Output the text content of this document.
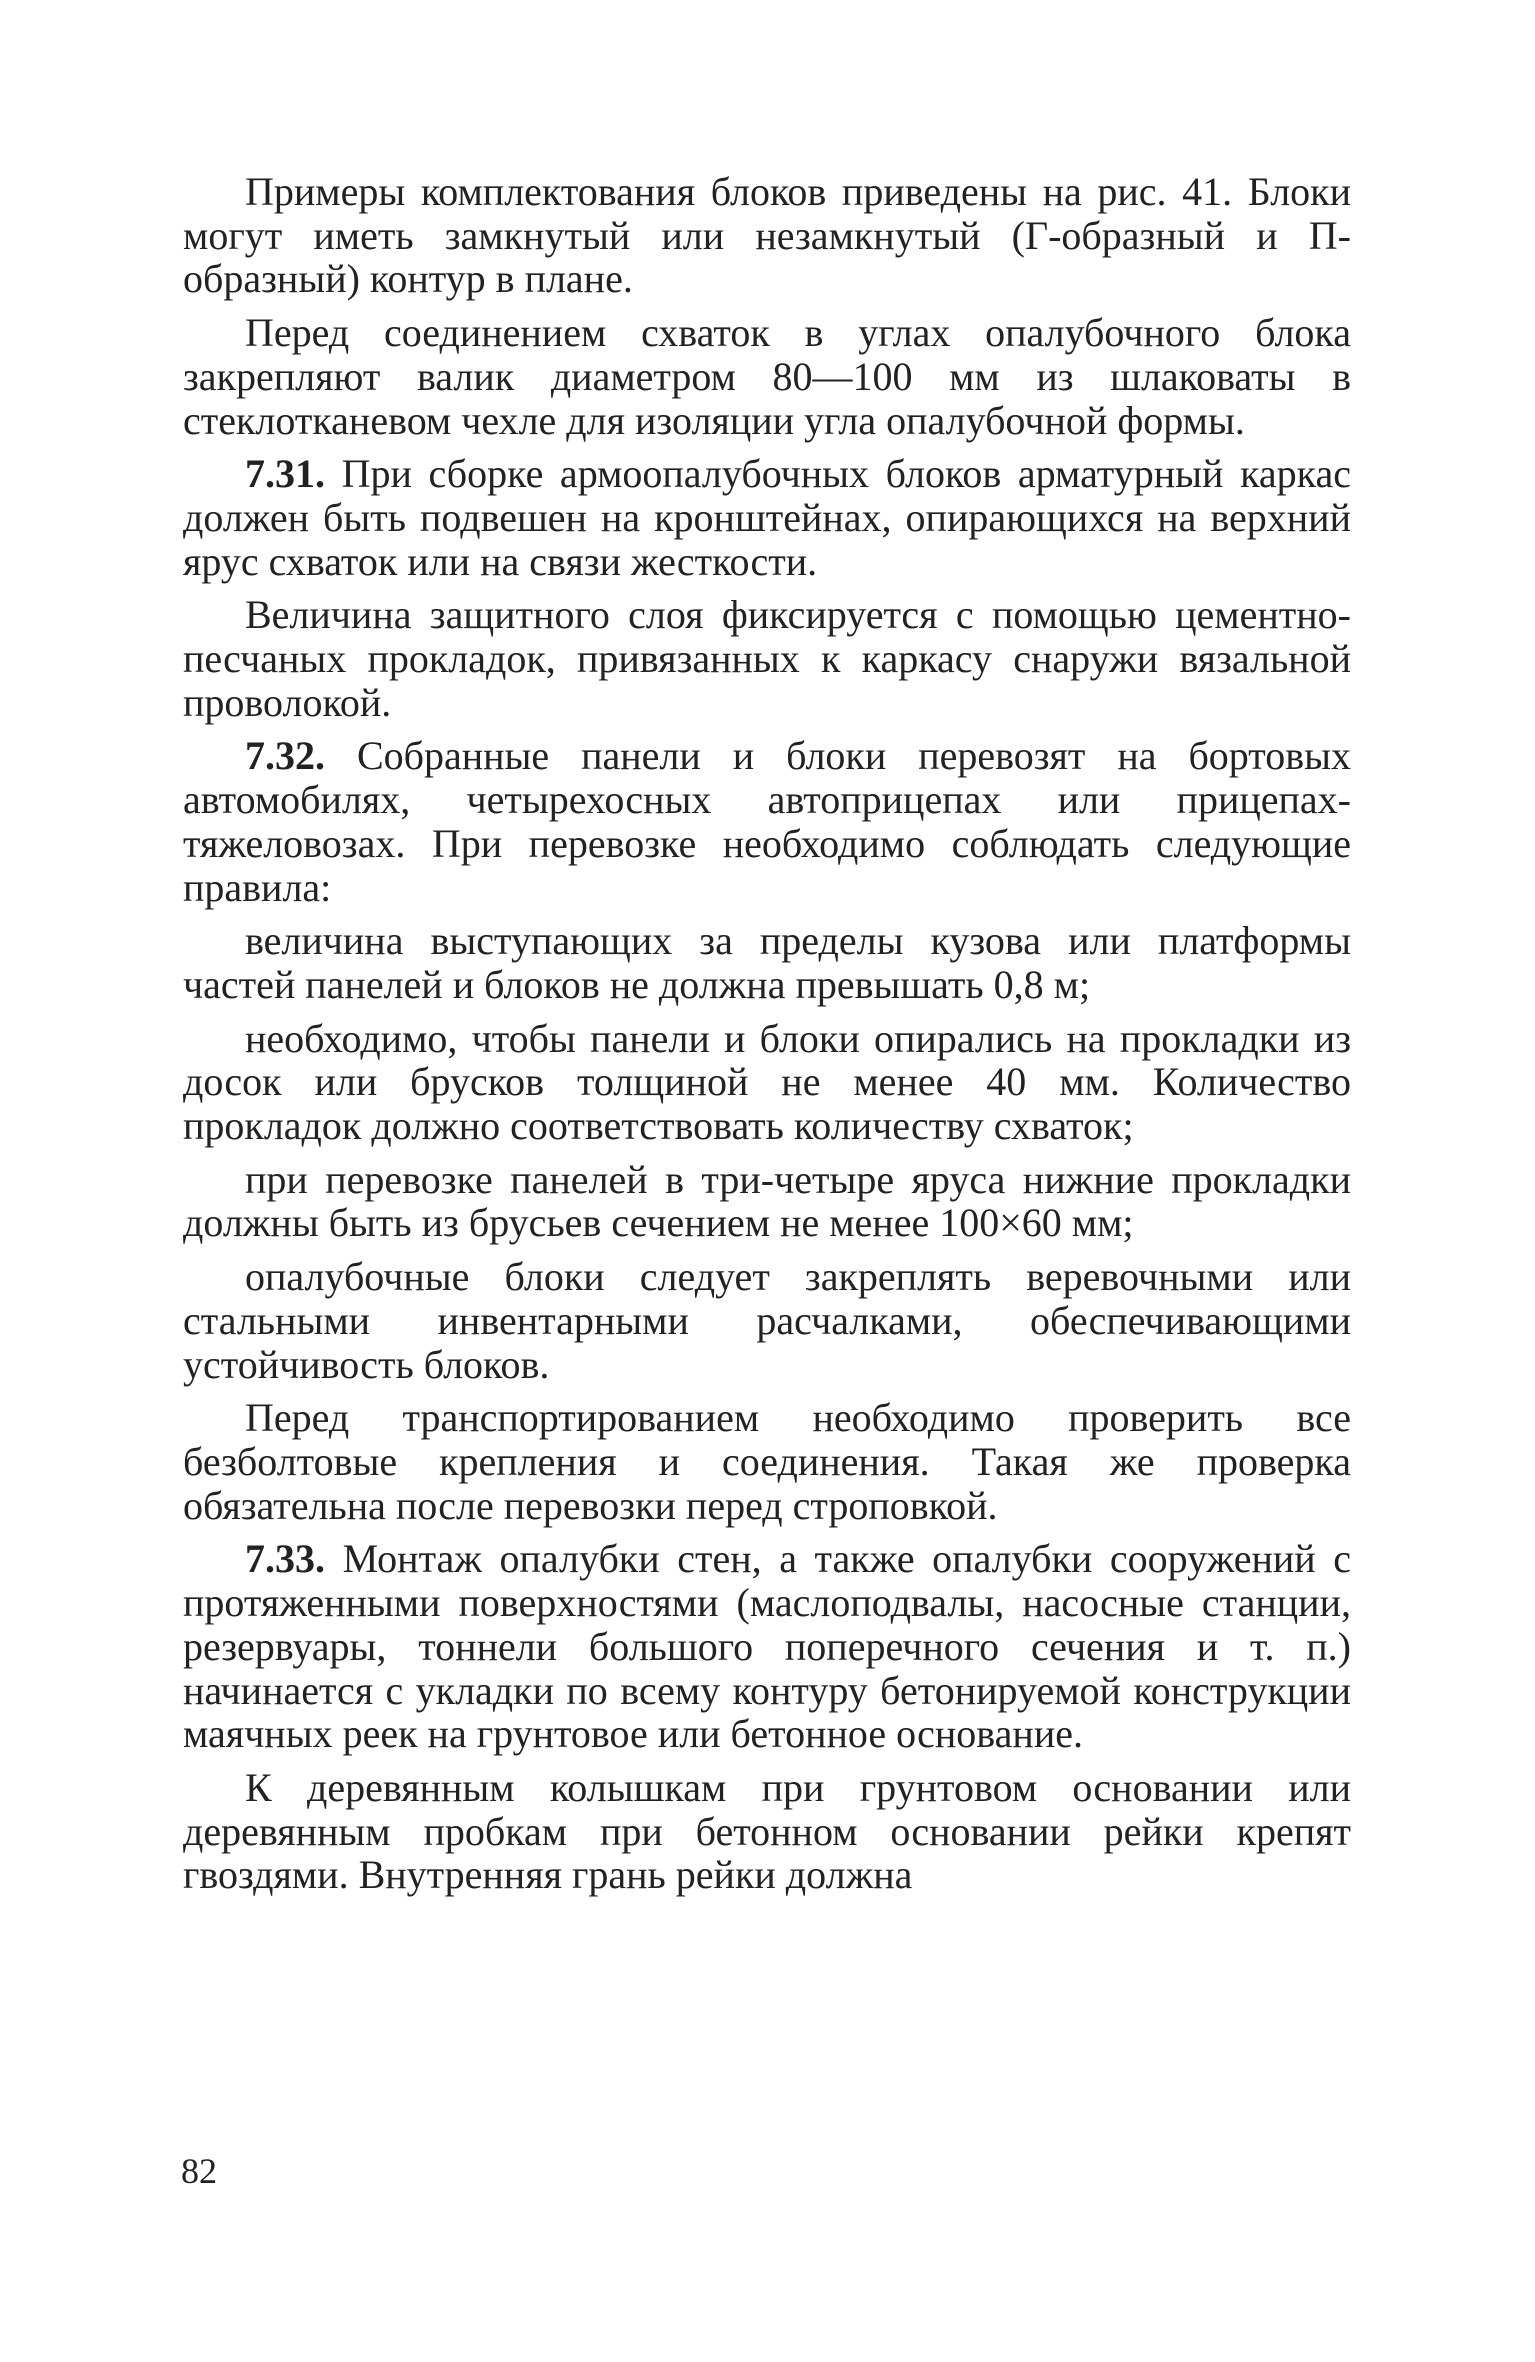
Примеры комплектования блоков приведены на рис. 41. Блоки могут иметь замкнутый или незамкнутый (Г-образный и П-образный) контур в плане.

Перед соединением схваток в углах опалубочного блока закрепляют валик диаметром 80—100 мм из шлаковаты в стеклотканевом чехле для изоляции угла опалубочной формы.

7.31. При сборке армоопалубочных блоков арматурный каркас должен быть подвешен на кронштейнах, опирающихся на верхний ярус схваток или на связи жесткости.

Величина защитного слоя фиксируется с помощью цементно-песчаных прокладок, привязанных к каркасу снаружи вязальной проволокой.

7.32. Собранные панели и блоки перевозят на бортовых автомобилях, четырехосных автоприцепах или прицепах-тяжеловозах. При перевозке необходимо соблюдать следующие правила:

величина выступающих за пределы кузова или платформы частей панелей и блоков не должна превышать 0,8 м;

необходимо, чтобы панели и блоки опирались на прокладки из досок или брусков толщиной не менее 40 мм. Количество прокладок должно соответствовать количеству схваток;

при перевозке панелей в три-четыре яруса нижние прокладки должны быть из брусьев сечением не менее 100×60 мм;

опалубочные блоки следует закреплять веревочными или стальными инвентарными расчалками, обеспечивающими устойчивость блоков.

Перед транспортированием необходимо проверить все безболтовые крепления и соединения. Такая же проверка обязательна после перевозки перед строповкой.

7.33. Монтаж опалубки стен, а также опалубки сооружений с протяженными поверхностями (маслоподвалы, насосные станции, резервуары, тоннели большого поперечного сечения и т. п.) начинается с укладки по всему контуру бетонируемой конструкции маячных реек на грунтовое или бетонное основание.

К деревянным колышкам при грунтовом основании или деревянным пробкам при бетонном основании рейки крепят гвоздями. Внутренняя грань рейки должна

82
